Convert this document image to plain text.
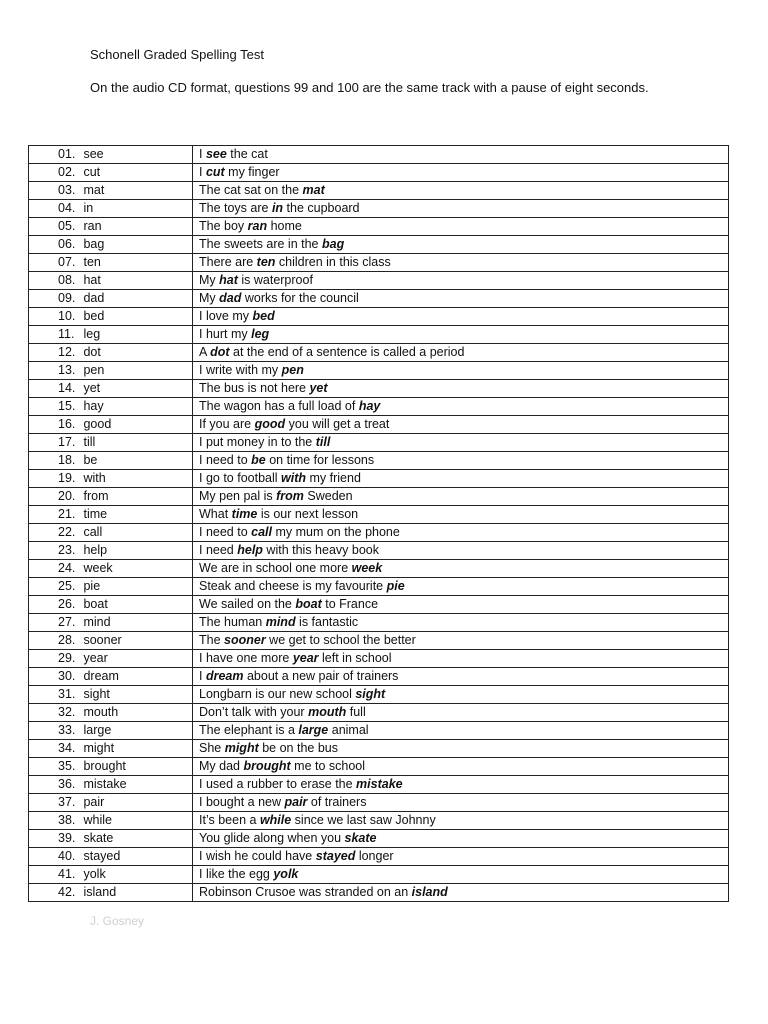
Schonell Graded Spelling Test
On the audio CD format, questions 99 and 100 are the same track with a pause of eight seconds.
01. see	I see the cat
02. cut	I cut my finger
03. mat	The cat sat on the mat
04. in	The toys are in the cupboard
05. ran	The boy ran home
06. bag	The sweets are in the bag
07. ten	There are ten children in this class
08. hat	My hat is waterproof
09. dad	My dad works for the council
10. bed	I love my bed
11. leg	I hurt my leg
12. dot	A dot at the end of a sentence is called a period
13. pen	I write with my pen
14. yet	The bus is not here yet
15. hay	The wagon has a full load of hay
16. good	If you are good you will get a treat
17. till	I put money in to the till
18. be	I need to be on time for lessons
19. with	I go to football with my friend
20. from	My pen pal is from Sweden
21. time	What time is our next lesson
22. call	I need to call my mum on the phone
23. help	I need help with this heavy book
24. week	We are in school one more week
25. pie	Steak and cheese is my favourite pie
26. boat	We sailed on the boat to France
27. mind	The human mind is fantastic
28. sooner	The sooner we get to school the better
29. year	I have one more year left in school
30. dream	I dream about a new pair of trainers
31. sight	Longbarn is our new school sight
32. mouth	Don’t talk with your mouth full
33. large	The elephant is a large animal
34. might	She might be on the bus
35. brought	My dad brought me to school
36. mistake	I used a rubber to erase the mistake
37. pair	I bought a new pair of trainers
38. while	It’s been a while since we last saw Johnny
39. skate	You glide along when you skate
40. stayed	I wish he could have stayed longer
41. yolk	I like the egg yolk
42. island	Robinson Crusoe was stranded on an island
J. Gosney
